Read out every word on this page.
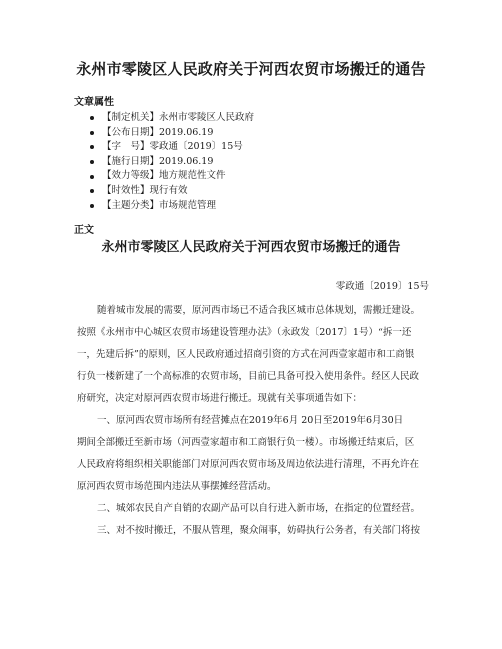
永州市零陵区人民政府关于河西农贸市场搬迁的通告
文章属性
【制定机关】永州市零陵区人民政府
【公布日期】2019.06.19
【字　号】零政通〔2019〕15号
【施行日期】2019.06.19
【效力等级】地方规范性文件
【时效性】现行有效
【主题分类】市场规范管理
正文
永州市零陵区人民政府关于河西农贸市场搬迁的通告
零政通〔2019〕15号
随着城市发展的需要，原河西市场已不适合我区城市总体规划，需搬迁建设。
按照《永州市中心城区农贸市场建设管理办法》（永政发〔2017〕1号）“拆一还
一，先建后拆”的原则，区人民政府通过招商引资的方式在河西壹家超市和工商银
行负一楼新建了一个高标准的农贸市场，目前已具备可投入使用条件。经区人民政
府研究，决定对原河西农贸市场进行搬迁。现就有关事项通告如下：
一、原河西农贸市场所有经营摊点在2019年6月 20日至2019年6月30日
期间全部搬迁至新市场（河西壹家超市和工商银行负一楼）。市场搬迁结束后，区
人民政府将组织相关职能部门对原河西农贸市场及周边依法进行清理，不再允许在
原河西农贸市场范围内违法从事摆摊经营活动。
二、城郊农民自产自销的农副产品可以自行进入新市场，在指定的位置经营。
三、对不按时搬迁，不服从管理，聚众闹事，妨碍执行公务者，有关部门将按
